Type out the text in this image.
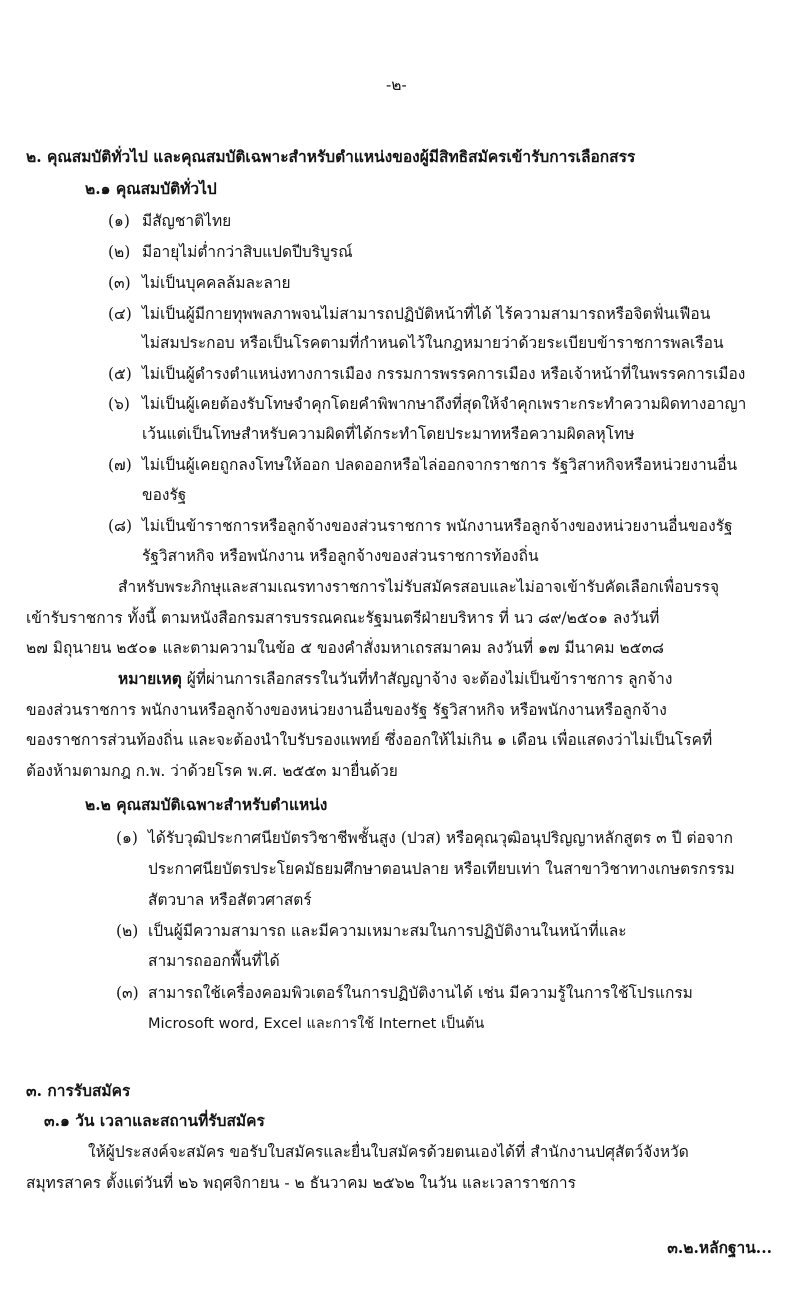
-๒-
๒. คุณสมบัติทั่วไป และคุณสมบัติเฉพาะสำหรับตำแหน่งของผู้มีสิทธิสมัครเข้ารับการเลือกสรร
๒.๑ คุณสมบัติทั่วไป
(๑) มีสัญชาติไทย
(๒) มีอายุไม่ต่ำกว่าสิบแปดปีบริบูรณ์
(๓) ไม่เป็นบุคคลล้มละลาย
(๔) ไม่เป็นผู้มีกายทุพพลภาพจนไม่สามารถปฏิบัติหน้าที่ได้ ไร้ความสามารถหรือจิตฟั่นเฟือน
ไม่สมประกอบ หรือเป็นโรคตามที่กำหนดไว้ในกฎหมายว่าด้วยระเบียบข้าราชการพลเรือน
(๕) ไม่เป็นผู้ดำรงตำแหน่งทางการเมือง กรรมการพรรคการเมือง หรือเจ้าหน้าที่ในพรรคการเมือง
(๖) ไม่เป็นผู้เคยต้องรับโทษจำคุกโดยคำพิพากษาถึงที่สุดให้จำคุกเพราะกระทำความผิดทางอาญา
เว้นแต่เป็นโทษสำหรับความผิดที่ได้กระทำโดยประมาทหรือความผิดลหุโทษ
(๗) ไม่เป็นผู้เคยถูกลงโทษให้ออก ปลดออกหรือไล่ออกจากราชการ รัฐวิสาหกิจหรือหน่วยงานอื่น
ของรัฐ
(๘) ไม่เป็นข้าราชการหรือลูกจ้างของส่วนราชการ พนักงานหรือลูกจ้างของหน่วยงานอื่นของรัฐ
รัฐวิสาหกิจ หรือพนักงาน หรือลูกจ้างของส่วนราชการท้องถิ่น
สำหรับพระภิกษุและสามเณรทางราชการไม่รับสมัครสอบและไม่อาจเข้ารับคัดเลือกเพื่อบรรจุ
เข้ารับราชการ ทั้งนี้ ตามหนังสือกรมสารบรรณคณะรัฐมนตรีฝ่ายบริหาร ที่ นว ๘๙/๒๕๐๑ ลงวันที่
๒๗ มิถุนายน ๒๕๐๑ และตามความในข้อ ๕ ของคำสั่งมหาเถรสมาคม ลงวันที่ ๑๗ มีนาคม ๒๕๓๘
หมายเหตุ ผู้ที่ผ่านการเลือกสรรในวันที่ทำสัญญาจ้าง จะต้องไม่เป็นข้าราชการ ลูกจ้าง
ของส่วนราชการ พนักงานหรือลูกจ้างของหน่วยงานอื่นของรัฐ รัฐวิสาหกิจ หรือพนักงานหรือลูกจ้าง
ของราชการส่วนท้องถิ่น และจะต้องนำใบรับรองแพทย์ ซึ่งออกให้ไม่เกิน ๑ เดือน เพื่อแสดงว่าไม่เป็นโรคที่
ต้องห้ามตามกฎ ก.พ. ว่าด้วยโรค พ.ศ. ๒๕๕๓ มายื่นด้วย
๒.๒ คุณสมบัติเฉพาะสำหรับตำแหน่ง
(๑) ได้รับวุฒิประกาศนียบัตรวิชาชีพชั้นสูง (ปวส) หรือคุณวุฒิอนุปริญญาหลักสูตร ๓ ปี ต่อจาก
ประกาศนียบัตรประโยคมัธยมศึกษาตอนปลาย หรือเทียบเท่า ในสาขาวิชาทางเกษตรกรรม
สัตวบาล หรือสัตวศาสตร์
(๒) เป็นผู้มีความสามารถ และมีความเหมาะสมในการปฏิบัติงานในหน้าที่และ
สามารถออกพื้นที่ได้
(๓) สามารถใช้เครื่องคอมพิวเตอร์ในการปฏิบัติงานได้ เช่น มีความรู้ในการใช้โปรแกรม
Microsoft word, Excel และการใช้ Internet เป็นต้น
๓. การรับสมัคร
๓.๑ วัน เวลาและสถานที่รับสมัคร
ให้ผู้ประสงค์จะสมัคร ขอรับใบสมัครและยื่นใบสมัครด้วยตนเองได้ที่ สำนักงานปศุสัตว์จังหวัด
สมุทรสาคร ตั้งแต่วันที่ ๒๖ พฤศจิกายน - ๒ ธันวาคม ๒๕๖๒ ในวัน และเวลาราชการ
๓.๒.หลักฐาน...
